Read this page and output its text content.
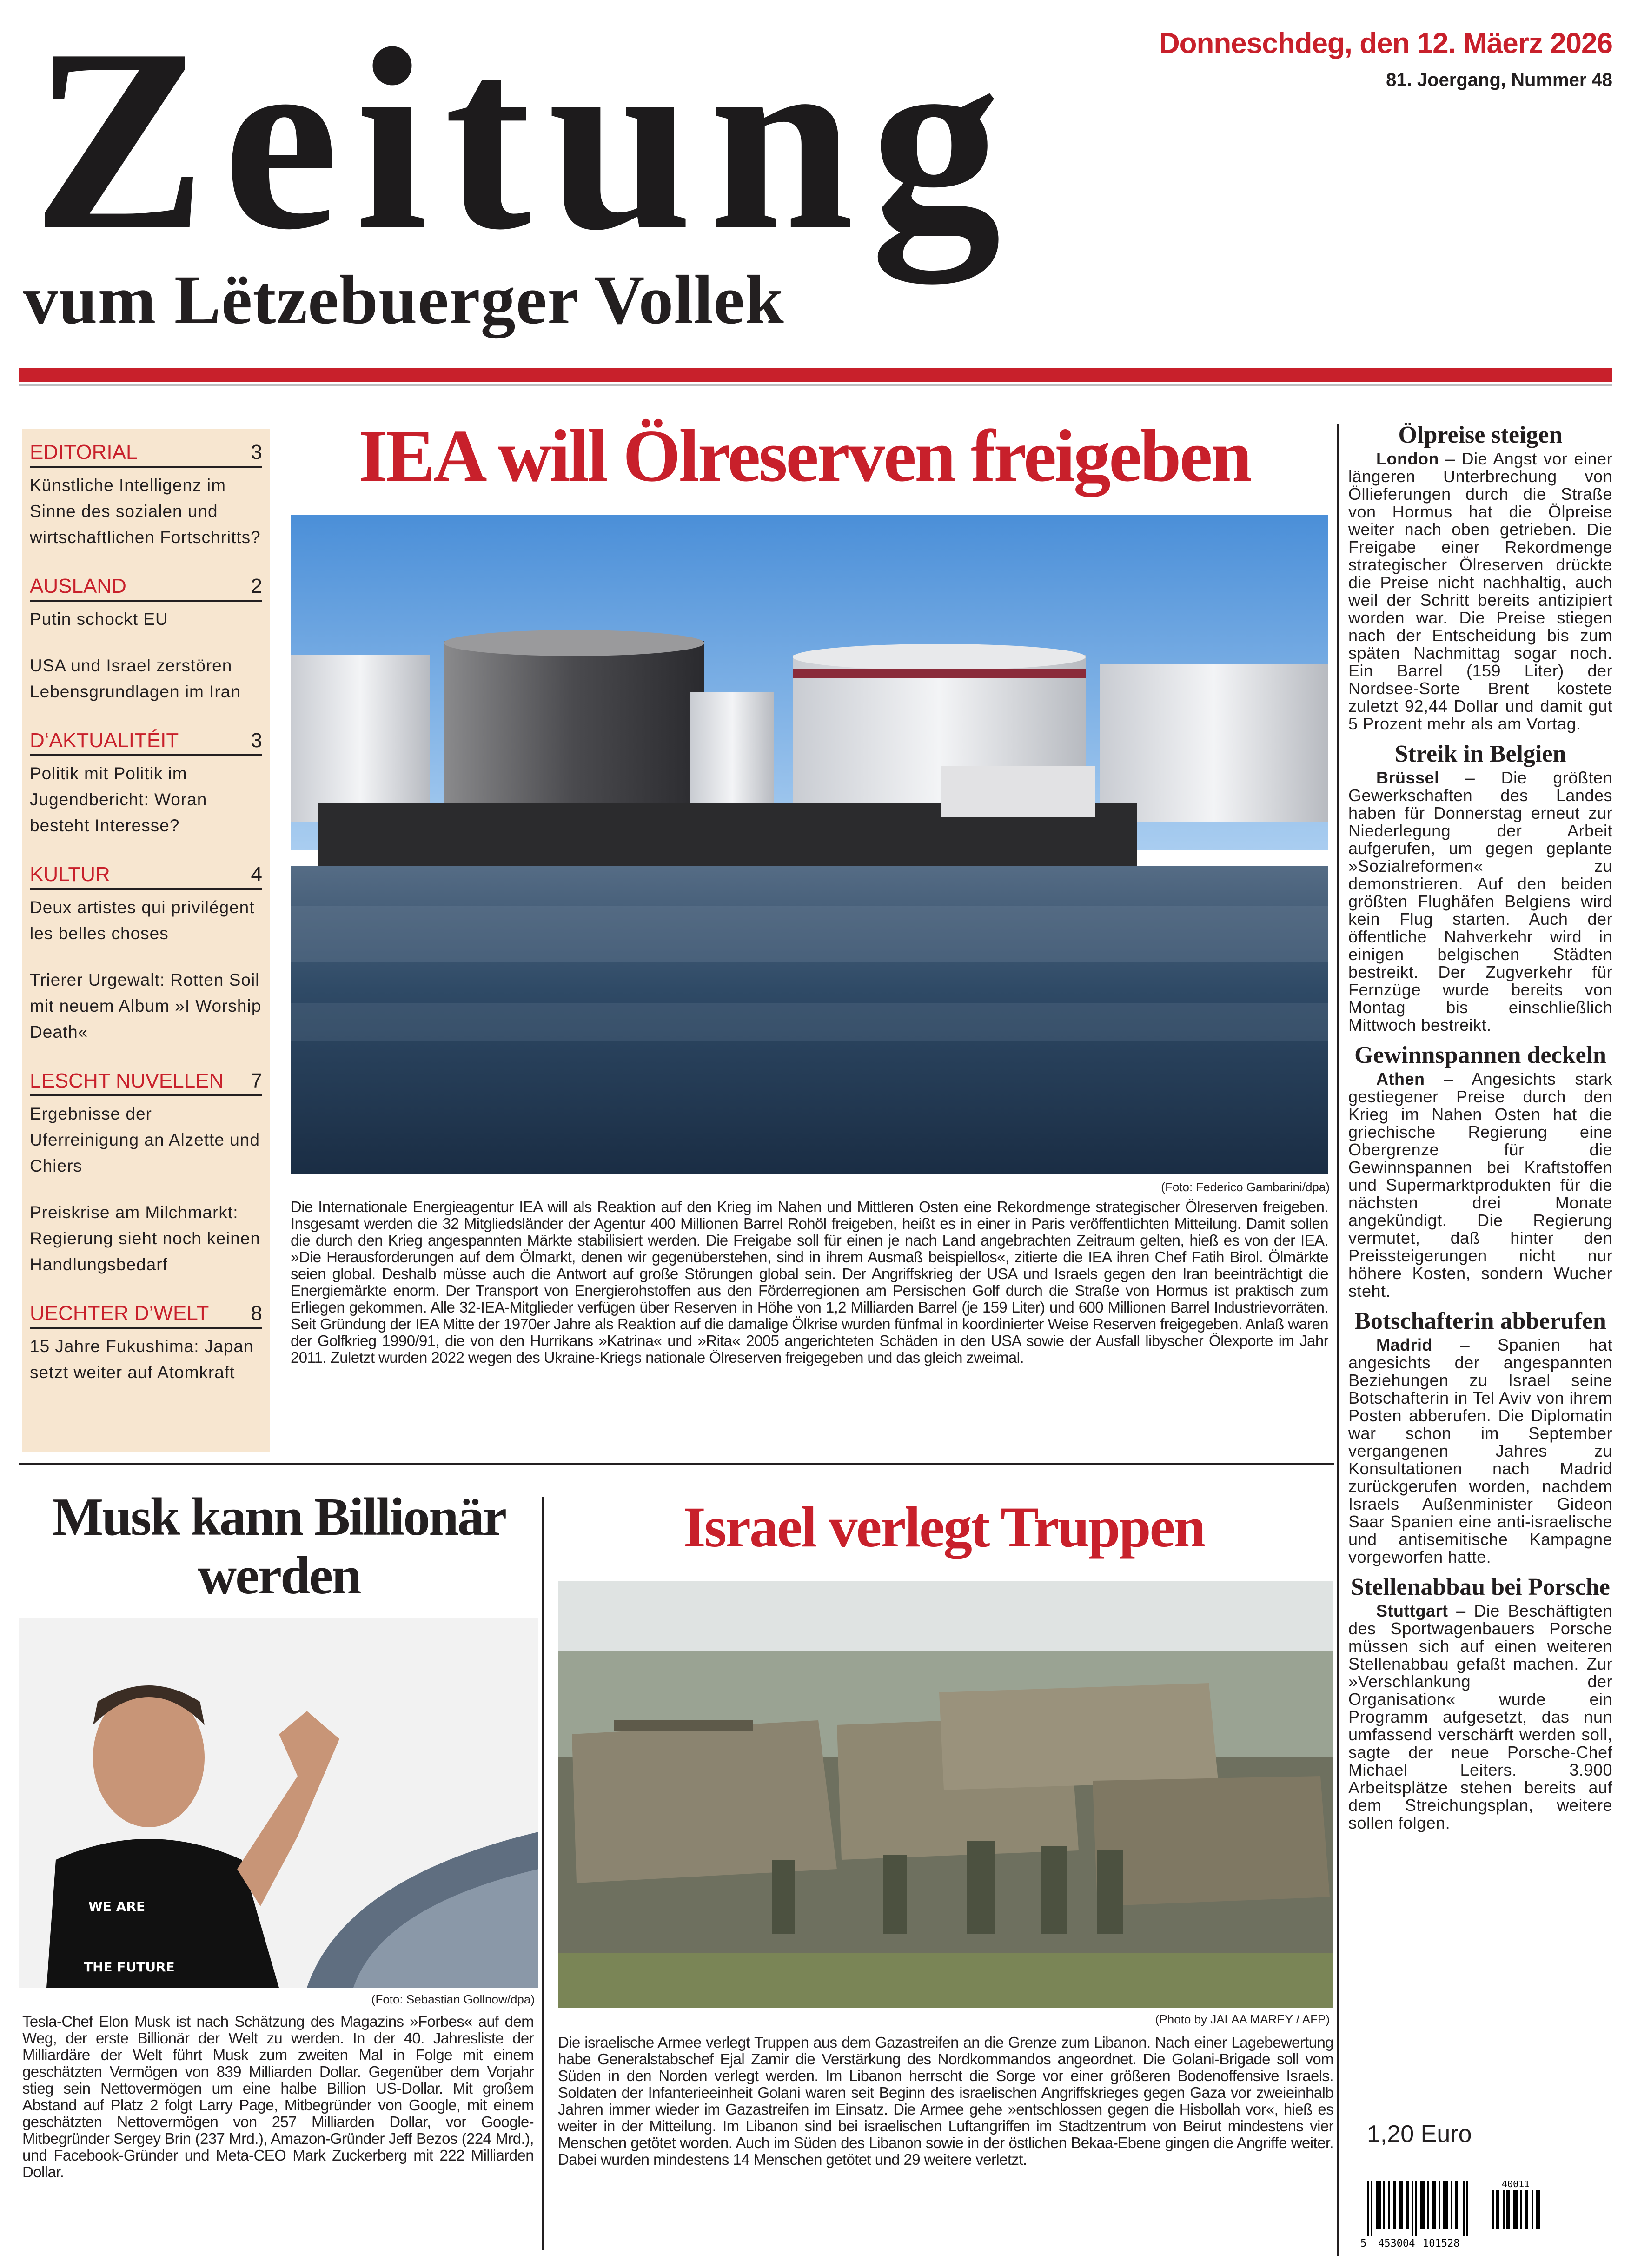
Zeitung
vum Lëtzebuerger Vollek
Donneschdeg, den 12. Mäerz 2026
81. Joergang, Nummer 48
EDITORIAL	3
Künstliche Intelligenz im Sinne des sozialen und wirtschaftlichen Fortschritts?
AUSLAND	2
Putin schockt EU
USA und Israel zerstören Lebensgrundlagen im Iran
D‘AKTUALITÉIT	3
Politik mit Politik im Jugendbericht: Woran besteht Interesse?
KULTUR	4
Deux artistes qui privilégent les belles choses
Trierer Urgewalt: Rotten Soil mit neuem Album »I Worship Death«
LESCHT NUVELLEN 7
Ergebnisse der Uferreinigung an Alzette und Chiers
Preiskrise am Milchmarkt: Regierung sieht noch keinen Handlungsbedarf
UECHTER D’WELT 8
15 Jahre Fukushima: Japan setzt weiter auf Atomkraft
IEA will Ölreserven freigeben
(Foto: Federico Gambarini/dpa)

Die Internationale Energieagentur IEA will als Reaktion auf den Krieg im Nahen und Mittleren Osten eine Rekordmenge strategischer Ölreserven freigeben. Insgesamt werden die 32 Mitgliedsländer der Agentur 400 Millionen Barrel Rohöl freigeben, heißt es in einer in Paris veröffentlichten Mitteilung. Damit sollen die durch den Krieg angespannten Märkte stabilisiert werden. Die Freigabe soll für einen je nach Land angebrachten Zeitraum gelten, hieß es von der IEA. »Die Herausforderungen auf dem Ölmarkt, denen wir gegenüberstehen, sind in ihrem Ausmaß beispiellos«, zitierte die IEA ihren Chef Fatih Birol. Ölmärkte seien global. Deshalb müsse auch die Antwort auf große Störungen global sein. Der Angriffskrieg der USA und Israels gegen den Iran beeinträchtigt die Energiemärkte enorm. Der Transport von Energierohstoffen aus den Förderregionen am Persischen Golf durch die Straße von Hormus ist praktisch zum Erliegen gekommen. Alle 32-IEA-Mitglieder verfügen über Reserven in Höhe von 1,2 Milliarden Barrel (je 159 Liter) und 600 Millionen Barrel Industrievorräten. Seit Gründung der IEA Mitte der 1970er Jahre als Reaktion auf die damalige Ölkrise wurden fünfmal in koordinierter Weise Reserven freigegeben. Anlaß waren der Golfkrieg 1990/91, die von den Hurrikans »Katrina« und »Rita« 2005 angerichteten Schäden in den USA sowie der Ausfall libyscher Ölexporte im Jahr 2011. Zuletzt wurden 2022 wegen des Ukraine-Kriegs nationale Ölreserven freigegeben und das gleich zweimal.

Ölpreise steigen

London – Die Angst vor einer längeren Unterbrechung von Öllieferungen durch die Straße von Hormus hat die Ölpreise weiter nach oben getrieben. Die Freigabe einer Rekordmenge strategischer Ölreserven drückte die Preise nicht nachhaltig, auch weil der Schritt bereits antizipiert worden war. Die Preise stiegen nach der Entscheidung bis zum späten Nachmittag sogar noch. Ein Barrel (159 Liter) der Nordsee-Sorte Brent kostete zuletzt 92,44 Dollar und damit gut 5 Prozent mehr als am Vortag.

Streik in Belgien

Brüssel – Die größten Gewerkschaften des Landes haben für Donnerstag erneut zur Niederlegung der Arbeit aufgerufen, um gegen geplante »Sozialreformen« zu demonstrieren. Auf den beiden größten Flughäfen Belgiens wird kein Flug starten. Auch der öffentliche Nahverkehr wird in einigen belgischen Städten bestreikt. Der Zugverkehr für Fernzüge wurde bereits von Montag bis einschließlich Mittwoch bestreikt.

Gewinnspannen deckeln

Athen – Angesichts stark gestiegener Preise durch den Krieg im Nahen Osten hat die griechische Regierung eine Obergrenze für die Gewinnspannen bei Kraftstoffen und Supermarktprodukten für die nächsten drei Monate angekündigt. Die Regierung vermutet, daß hinter den Preissteigerungen nicht nur höhere Kosten, sondern Wucher steht.

Botschafterin abberufen

Madrid – Spanien hat angesichts der angespannten Beziehungen zu Israel seine Botschafterin in Tel Aviv von ihrem Posten abberufen. Die Diplomatin war schon im September vergangenen Jahres zu Konsultationen nach Madrid zurückgerufen worden, nachdem Israels Außenminister Gideon Saar Spanien eine anti-israelische und antisemitische Kampagne vorgeworfen hatte.

Stellenabbau bei Porsche

Stuttgart – Die Beschäftigten des Sportwagenbauers Porsche müssen sich auf einen weiteren Stellenabbau gefaßt machen. Zur »Verschlankung der Organisation« wurde ein Programm aufgesetzt, das nun umfassend verschärft werden soll, sagte der neue Porsche-Chef Michael Leiters. 3.900 Arbeitsplätze stehen bereits auf dem Streichungsplan, weitere sollen folgen.

1,20 Euro
5 453004 101528
40011
Musk kann Billionär werden
WE ARE
THE FUTURE
(Foto: Sebastian Gollnow/dpa)

Tesla-Chef Elon Musk ist nach Schätzung des Magazins »Forbes« auf dem Weg, der erste Billionär der Welt zu werden. In der 40. Jahresliste der Milliardäre der Welt führt Musk zum zweiten Mal in Folge mit einem geschätzten Vermögen von 839 Milliarden Dollar. Gegenüber dem Vorjahr stieg sein Nettovermögen um eine halbe Billion US-Dollar. Mit großem Abstand auf Platz 2 folgt Larry Page, Mitbegründer von Google, mit einem geschätzten Nettovermögen von 257 Milliarden Dollar, vor Google-Mitbegründer Sergey Brin (237 Mrd.), Amazon-Gründer Jeff Bezos (224 Mrd.), und Facebook-Gründer und Meta-CEO Mark Zuckerberg mit 222 Milliarden Dollar.

Israel verlegt Truppen
(Photo by JALAA MAREY / AFP)

Die israelische Armee verlegt Truppen aus dem Gazastreifen an die Grenze zum Libanon. Nach einer Lagebewertung habe Generalstabschef Ejal Zamir die Verstärkung des Nordkommandos angeordnet. Die Golani-Brigade soll vom Süden in den Norden verlegt werden. Im Libanon herrscht die Sorge vor einer größeren Bodenoffensive Israels. Soldaten der Infanterieeinheit Golani waren seit Beginn des israelischen Angriffskrieges gegen Gaza vor zweieinhalb Jahren immer wieder im Gazastreifen im Einsatz. Die Armee gehe »entschlossen gegen die Hisbollah vor«, hieß es weiter in der Mitteilung. Im Libanon sind bei israelischen Luftangriffen im Stadtzentrum von Beirut mindestens vier Menschen getötet worden. Auch im Süden des Libanon sowie in der östlichen Bekaa-Ebene gingen die Angriffe weiter. Dabei wurden mindestens 14 Menschen getötet und 29 weitere verletzt.
